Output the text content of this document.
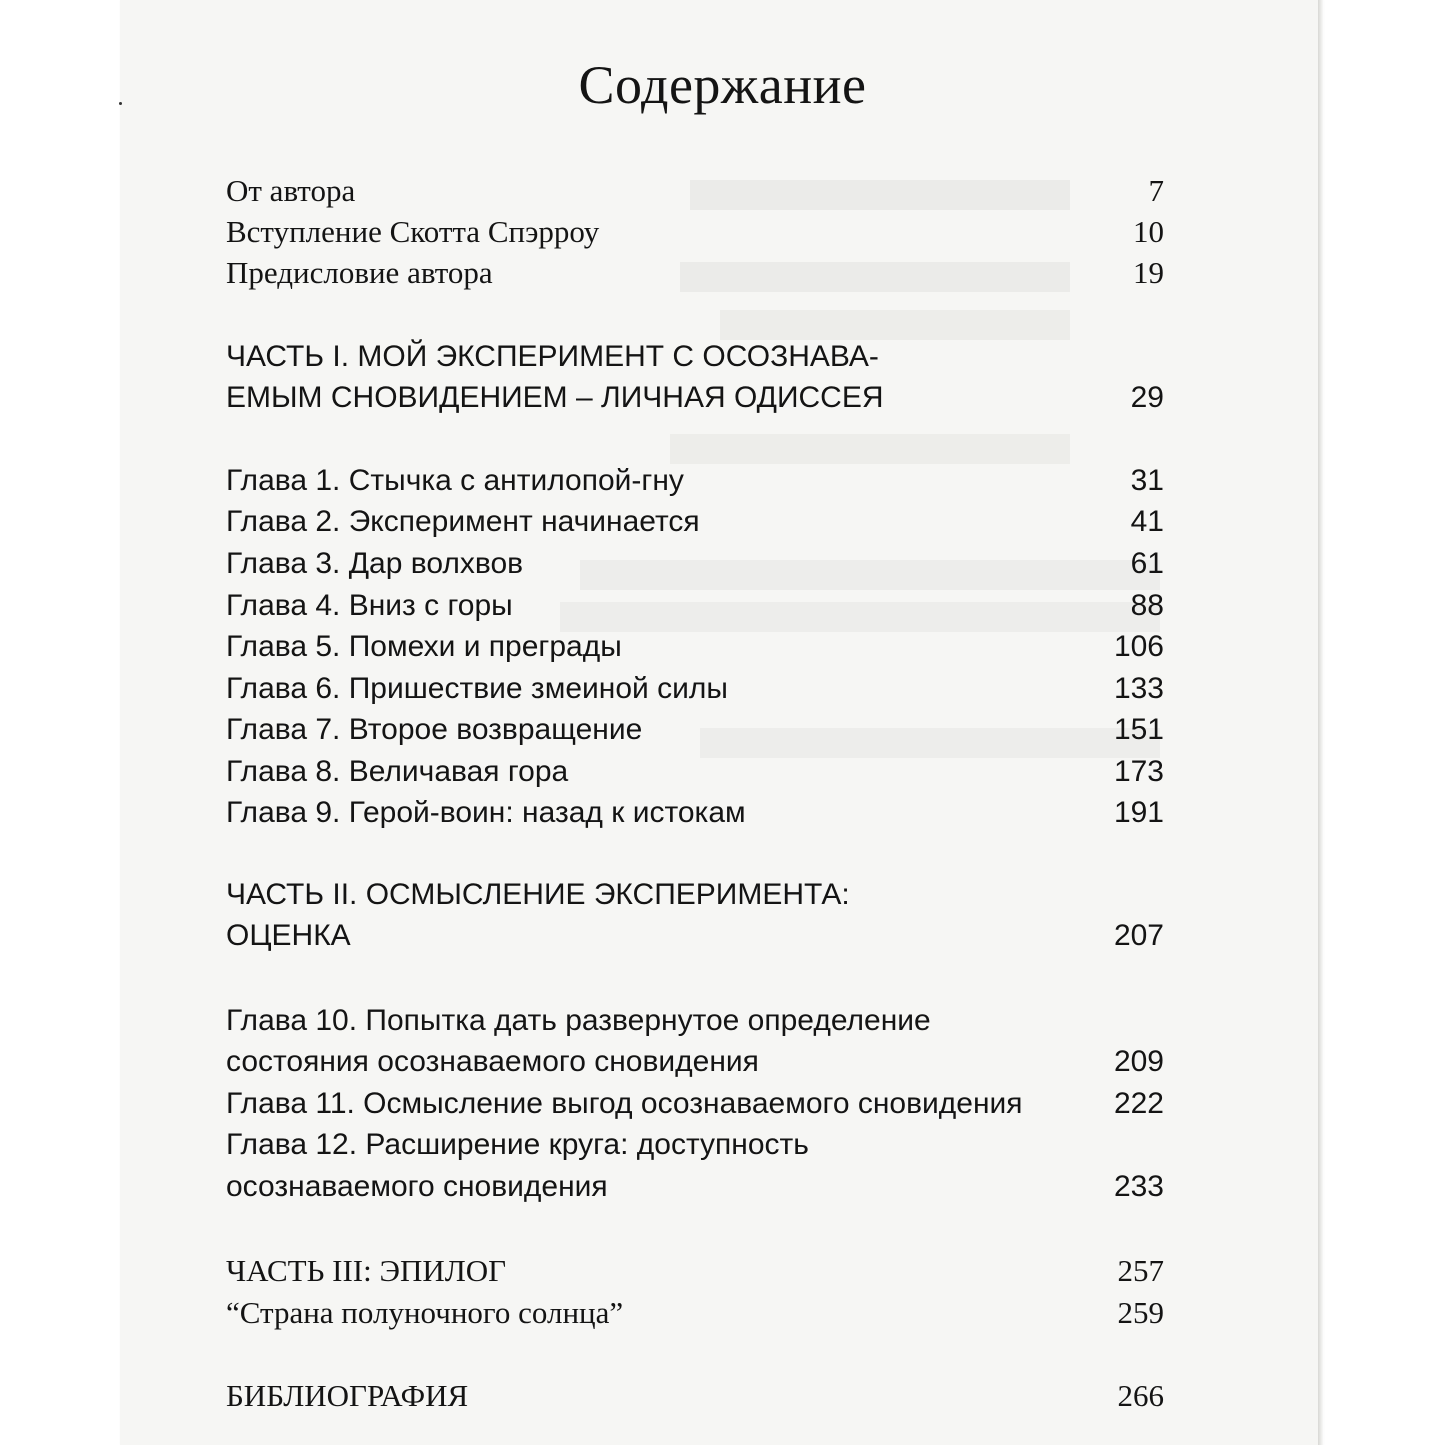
Содержание
От автора	7
Вступление Скотта Спэрроу	10
Предисловие автора	19
ЧАСТЬ I. МОЙ ЭКСПЕРИМЕНТ С ОСОЗНАВА-
ЕМЫМ СНОВИДЕНИЕМ – ЛИЧНАЯ ОДИССЕЯ	29
Глава 1. Стычка с антилопой-гну	31
Глава 2. Эксперимент начинается	41
Глава 3. Дар волхвов	61
Глава 4. Вниз с горы	88
Глава 5. Помехи и преграды	106
Глава 6. Пришествие змеиной силы	133
Глава 7. Второе возвращение	151
Глава 8. Величавая гора	173
Глава 9. Герой-воин: назад к истокам	191
ЧАСТЬ II. ОСМЫСЛЕНИЕ ЭКСПЕРИМЕНТА:
ОЦЕНКА	207
Глава 10. Попытка дать развернутое определение
состояния осознаваемого сновидения	209
Глава 11. Осмысление выгод осознаваемого сновидения	222
Глава 12. Расширение круга: доступность
осознаваемого сновидения	233
ЧАСТЬ III: ЭПИЛОГ	257
“Страна полуночного солнца”	259
БИБЛИОГРАФИЯ	266
